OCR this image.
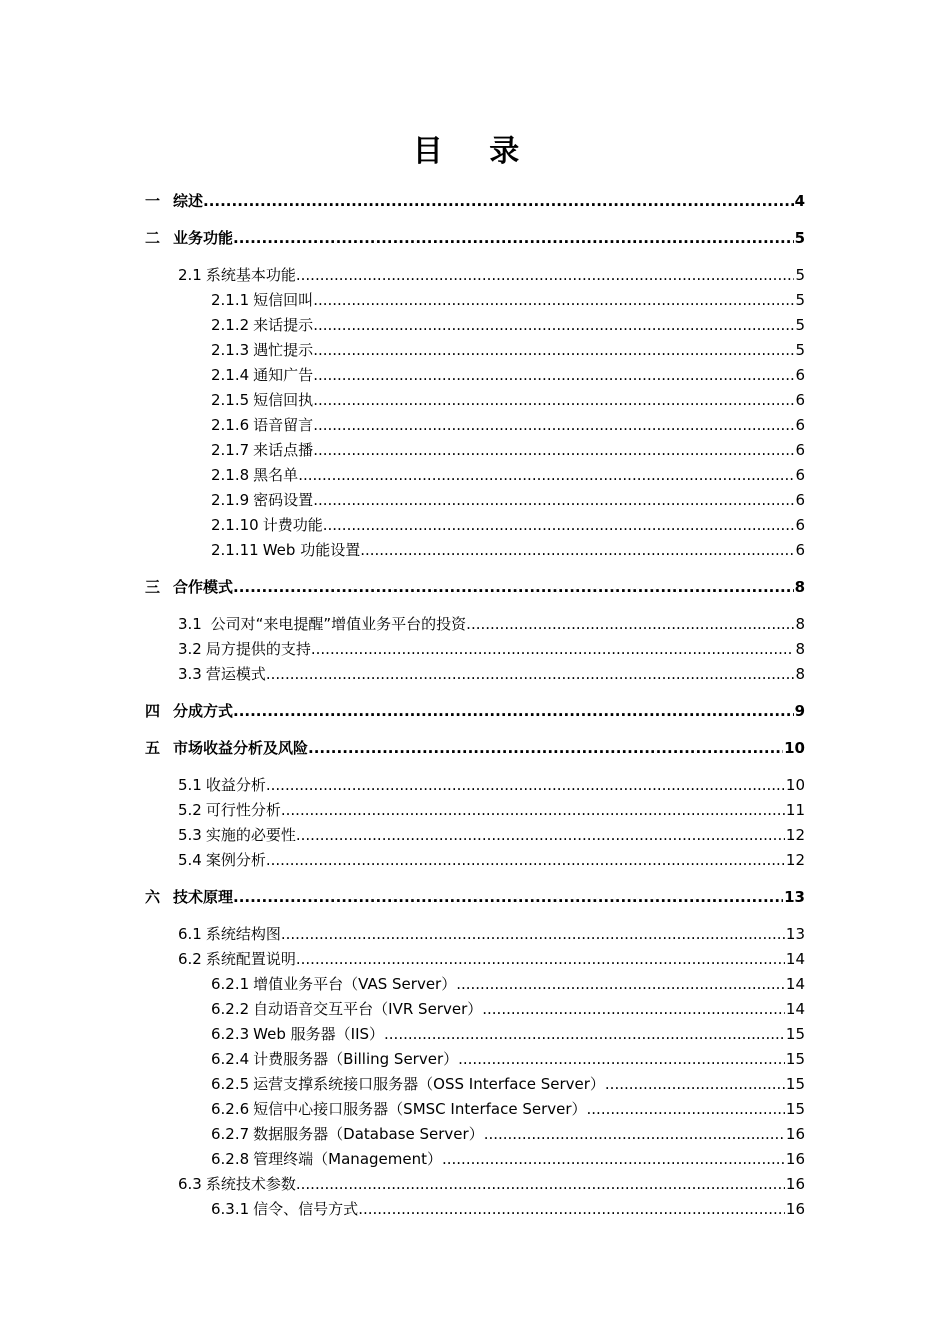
目 录
一 综述 .....	4
二 业务功能 .....	5
2.1 系统基本功能 .....	5
2.1.1 短信回叫 .....	5
2.1.2 来话提示 .....	5
2.1.3 遇忙提示 .....	5
2.1.4 通知广告 .....	6
2.1.5 短信回执 .....	6
2.1.6 语音留言 .....	6
2.1.7 来话点播 .....	6
2.1.8 黑名单 .....	6
2.1.9 密码设置 .....	6
2.1.10 计费功能 .....	6
2.1.11 Web 功能设置 .....	6
三 合作模式 .....	8
3.1 公司对“来电提醒”增值业务平台的投资 .....	8
3.2 局方提供的支持 .....	8
3.3 营运模式 .....	8
四 分成方式 .....	9
五 市场收益分析及风险 .....	10
5.1 收益分析 .....	10
5.2 可行性分析 .....	11
5.3 实施的必要性 .....	12
5.4 案例分析 .....	12
六 技术原理 .....	13
6.1 系统结构图 .....	13
6.2 系统配置说明 .....	14
6.2.1 增值业务平台（VAS Server） .....	14
6.2.2 自动语音交互平台（IVR Server） .....	14
6.2.3 Web 服务器（IIS） .....	15
6.2.4 计费服务器（Billing Server） .....	15
6.2.5 运营支撑系统接口服务器（OSS Interface Server） .....	15
6.2.6 短信中心接口服务器（SMSC Interface Server） .....	15
6.2.7 数据服务器（Database Server） .....	16
6.2.8 管理终端（Management） .....	16
6.3 系统技术参数 .....	16
6.3.1 信令、信号方式 .....	16
